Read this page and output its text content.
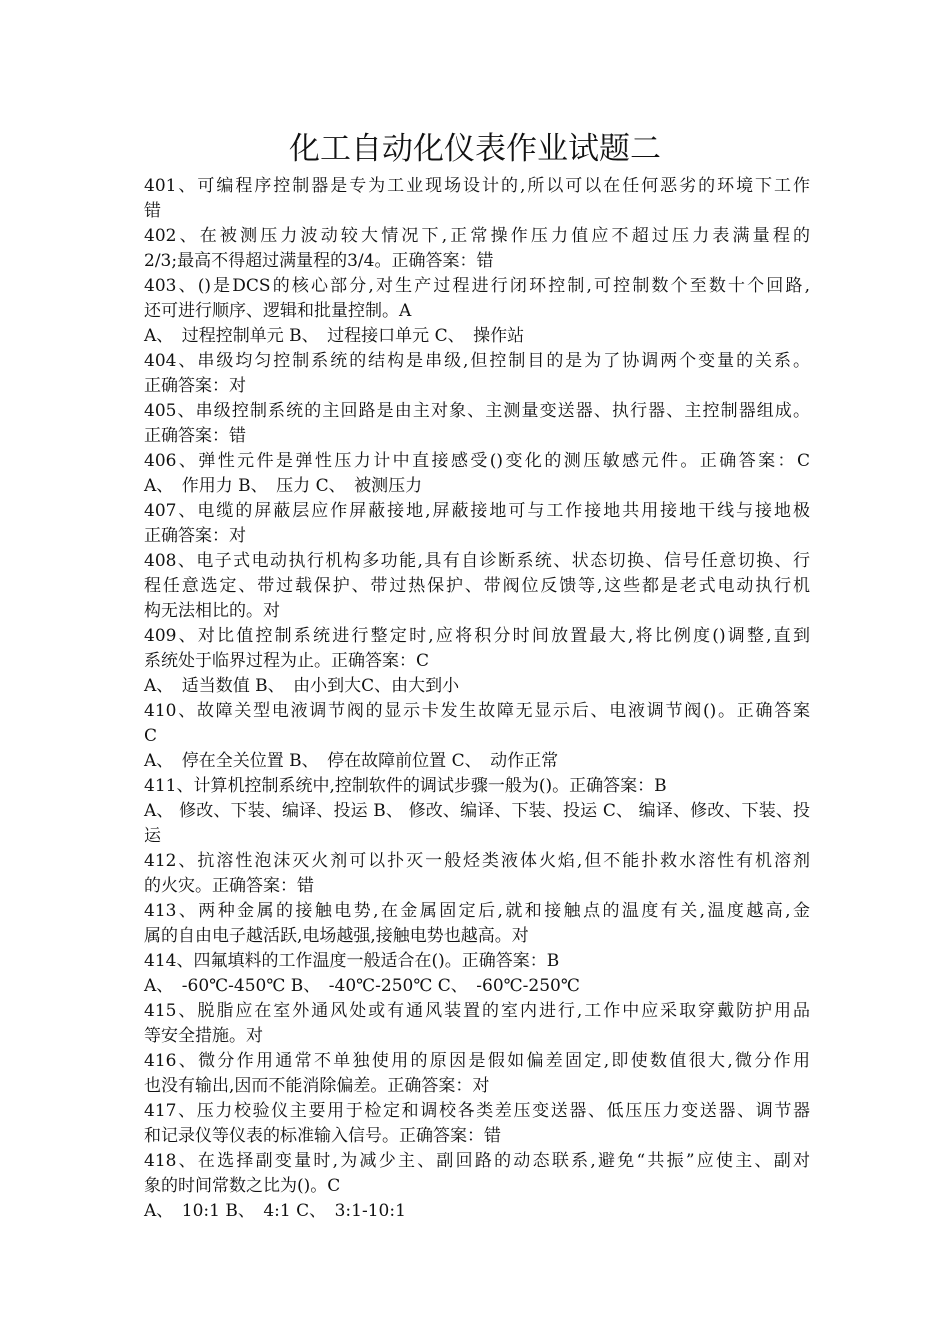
化工自动化仪表作业试题二
401、可编程序控制器是专为工业现场设计的,所以可以在任何恶劣的环境下工作
错
402、在被测压力波动较大情况下,正常操作压力值应不超过压力表满量程的
2/3;最高不得超过满量程的3/4。正确答案：错
403、()是DCS的核心部分,对生产过程进行闭环控制,可控制数个至数十个回路,
还可进行顺序、逻辑和批量控制。A
A、　过程控制单元 B、　过程接口单元 C、　操作站
404、串级均匀控制系统的结构是串级,但控制目的是为了协调两个变量的关系。
正确答案：对
405、串级控制系统的主回路是由主对象、主测量变送器、执行器、主控制器组成。
正确答案：错
406、弹性元件是弹性压力计中直接感受()变化的测压敏感元件。正确答案：C
A、　作用力 B、　压力 C、　被测压力
407、电缆的屏蔽层应作屏蔽接地,屏蔽接地可与工作接地共用接地干线与接地极
正确答案：对
408、电子式电动执行机构多功能,具有自诊断系统、状态切换、信号任意切换、行
程任意选定、带过载保护、带过热保护、带阀位反馈等,这些都是老式电动执行机
构无法相比的。对
409、对比值控制系统进行整定时,应将积分时间放置最大,将比例度()调整,直到
系统处于临界过程为止。正确答案：C
A、　适当数值 B、　由小到大C、由大到小
410、故障关型电液调节阀的显示卡发生故障无显示后、电液调节阀()。正确答案
C
A、　停在全关位置 B、　停在故障前位置 C、　动作正常
411、计算机控制系统中,控制软件的调试步骤一般为()。正确答案：B
A、 修改、下装、编译、投运 B、 修改、编译、下装、投运 C、 编译、修改、下装、投
运
412、抗溶性泡沫灭火剂可以扑灭一般烃类液体火焰,但不能扑救水溶性有机溶剂
的火灾。正确答案：错
413、两种金属的接触电势,在金属固定后,就和接触点的温度有关,温度越高,金
属的自由电子越活跃,电场越强,接触电势也越高。对
414、四氟填料的工作温度一般适合在()。正确答案：B
A、　-60℃-450℃ B、　-40℃-250℃ C、　-60℃-250℃
415、脱脂应在室外通风处或有通风装置的室内进行,工作中应采取穿戴防护用品
等安全措施。对
416、微分作用通常不单独使用的原因是假如偏差固定,即使数值很大,微分作用
也没有输出,因而不能消除偏差。正确答案：对
417、压力校验仪主要用于检定和调校各类差压变送器、低压压力变送器、调节器
和记录仪等仪表的标准输入信号。正确答案：错
418、在选择副变量时,为减少主、副回路的动态联系,避免“共振”应使主、副对
象的时间常数之比为()。C
A、　10:1 B、　4:1 C、　3:1-10:1
